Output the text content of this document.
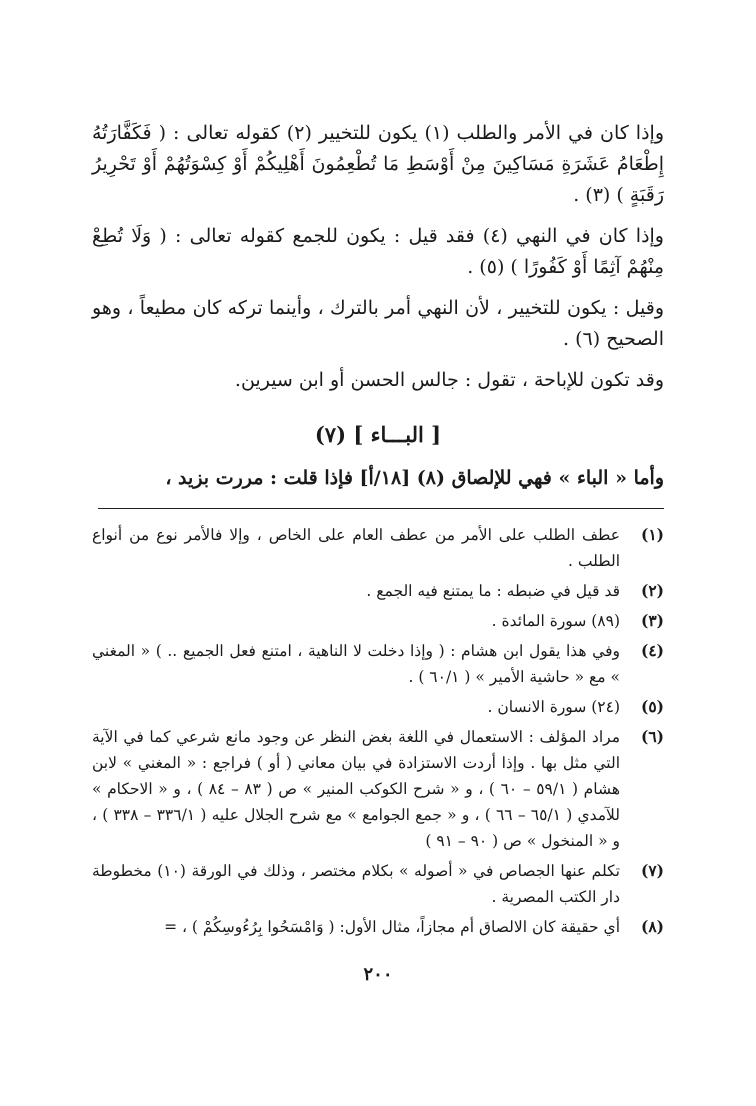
وإذا كان في الأمر والطلب (١) يكون للتخيير (٢) كقوله تعالى : ( فَكَفَّارَتُهُ إِطْعَامُ عَشَرَةِ مَسَاكِينَ مِنْ أَوْسَطِ مَا تُطْعِمُونَ أَهْلِيكُمْ أَوْ كِسْوَتُهُمْ أَوْ تَحْرِيرُ رَقَبَةٍ ) (٣) .

وإذا كان في النهي (٤) فقد قيل : يكون للجمع كقوله تعالى : ( وَلَا تُطِعْ مِنْهُمْ آثِمًا أَوْ كَفُورًا ) (٥) .

وقيل : يكون للتخيير ، لأن النهي أمر بالترك ، وأينما تركه كان مطيعاً ، وهو الصحيح (٦) .

وقد تكون للإباحة ، تقول : جالس الحسن أو ابن سيرين.

[ البـــاء ] (٧)

وأما « الباء » فهي للإلصاق (٨) [١٨/أ] فإذا قلت : مررت بزيد ،

(١)
عطف الطلب على الأمر من عطف العام على الخاص ، وإلا فالأمر نوع من أنواع الطلب .
(٢)
قد قيل في ضبطه : ما يمتنع فيه الجمع .
(٣)
(٨٩) سورة المائدة .
(٤)
وفي هذا يقول ابن هشام : ( وإذا دخلت لا الناهية ، امتنع فعل الجميع .. ) « المغني » مع « حاشية الأمير » ( ٦٠/١ ) .
(٥)
(٢٤) سورة الانسان .
(٦)
مراد المؤلف : الاستعمال في اللغة بغض النظر عن وجود مانع شرعي كما في الآية التي مثل بها . وإذا أردت الاستزادة في بيان معاني ( أو ) فراجع : « المغني » لابن هشام ( ٥٩/١ – ٦٠ ) ، و « شرح الكوكب المنير » ص ( ٨٣ – ٨٤ ) ، و « الاحكام » للآمدي ( ٦٥/١ – ٦٦ ) ، و « جمع الجوامع » مع شرح الجلال عليه ( ٣٣٦/١ – ٣٣٨ ) ، و « المنخول » ص ( ٩٠ – ٩١ )
(٧)
تكلم عنها الجصاص في « أصوله » بكلام مختصر ، وذلك في الورقة (١٠) مخطوطة دار الكتب المصرية .
(٨)
أي حقيقة كان الالصاق أم مجازاً، مثال الأول: ( وَامْسَحُوا بِرُءُوسِكُمْ ) ، =
٢٠٠
